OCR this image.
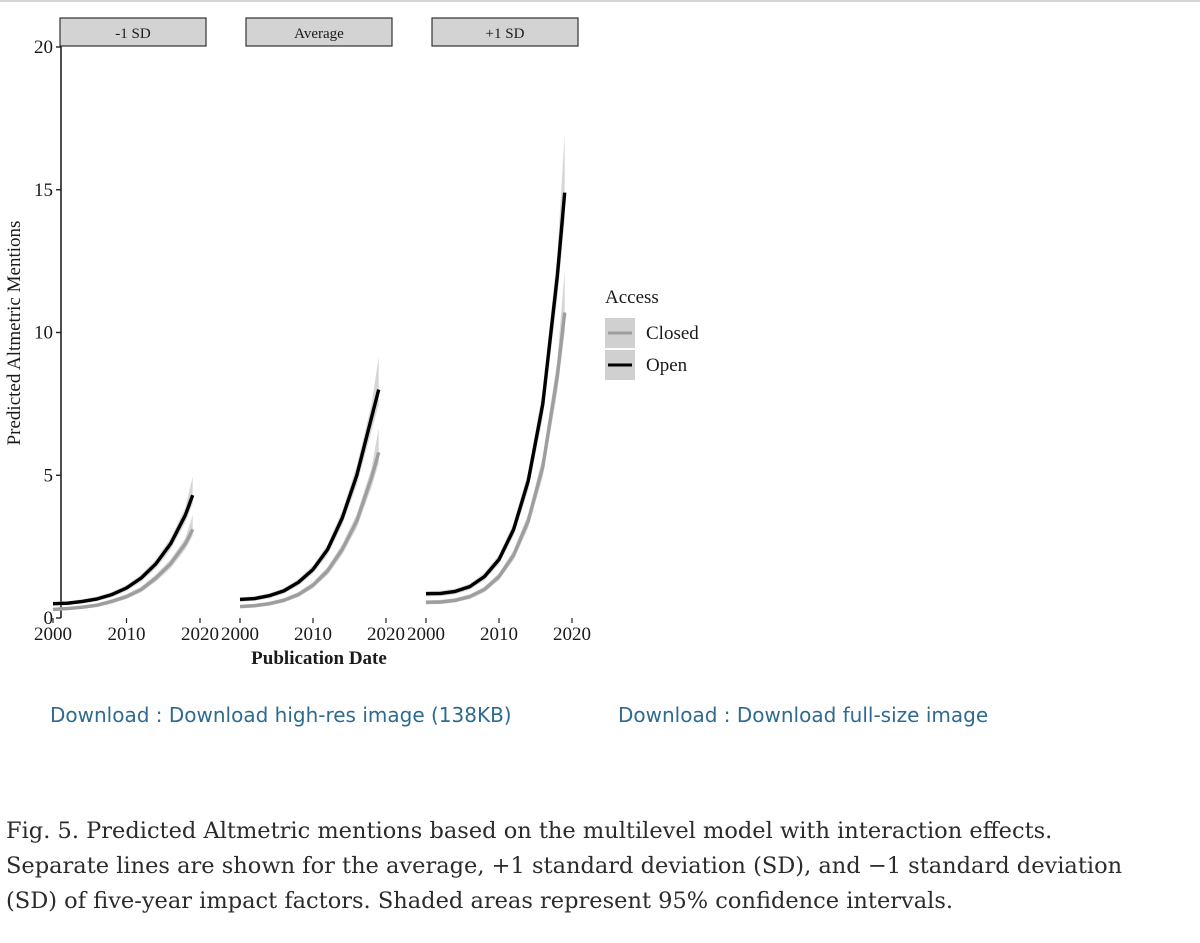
0
5
10
15
20
Predicted Altmetric Mentions
-1 SD
2000 2010 2020
Average
2000 2010 2020
+1 SD
2000 2010 2020
Publication Date
Access
Closed
Open
Download : Download high-res image (138KB)	Download : Download full-size image
Fig. 5. Predicted Altmetric mentions based on the multilevel model with interaction effects.
Separate lines are shown for the average, +1 standard deviation (SD), and −1 standard deviation
(SD) of five-year impact factors. Shaded areas represent 95% confidence intervals.
